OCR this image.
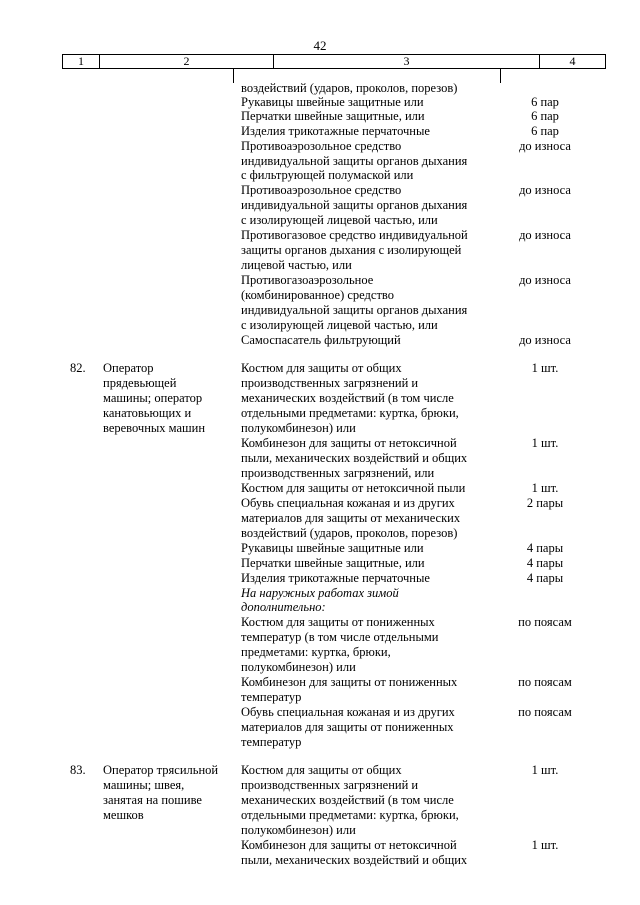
42
1	2	3	4
воздействий (ударов, проколов, порезов)
Рукавицы швейные защитные или	6 пар
Перчатки швейные защитные, или	6 пар
Изделия трикотажные перчаточные	6 пар
Противоаэрозольное средство	до износа
индивидуальной защиты органов дыхания
с фильтрующей полумаской или
Противоаэрозольное средство	до износа
индивидуальной защиты органов дыхания
с изолирующей лицевой частью, или
Противогазовое средство индивидуальной	до износа
защиты органов дыхания с изолирующей
лицевой частью, или
Противогазоаэрозольное	до износа
(комбинированное) средство
индивидуальной защиты органов дыхания
с изолирующей лицевой частью, или
Самоспасатель фильтрующий	до износа
82. Оператор
прядевьющей
машины; оператор
канатовьющих и
веревочных машин
Костюм для защиты от общих	1 шт.
производственных загрязнений и
механических воздействий (в том числе
отдельными предметами: куртка, брюки,
полукомбинезон) или
Комбинезон для защиты от нетоксичной	1 шт.
пыли, механических воздействий и общих
производственных загрязнений, или
Костюм для защиты от нетоксичной пыли	1 шт.
Обувь специальная кожаная и из других	2 пары
материалов для защиты от механических
воздействий (ударов, проколов, порезов)
Рукавицы швейные защитные или	4 пары
Перчатки швейные защитные, или	4 пары
Изделия трикотажные перчаточные	4 пары
На наружных работах зимой
дополнительно:
Костюм для защиты от пониженных	по поясам
температур (в том числе отдельными
предметами: куртка, брюки,
полукомбинезон) или
Комбинезон для защиты от пониженных	по поясам
температур
Обувь специальная кожаная и из других	по поясам
материалов для защиты от пониженных
температур
83. Оператор трясильной
машины; швея,
занятая на пошиве
мешков
Костюм для защиты от общих	1 шт.
производственных загрязнений и
механических воздействий (в том числе
отдельными предметами: куртка, брюки,
полукомбинезон) или
Комбинезон для защиты от нетоксичной	1 шт.
пыли, механических воздействий и общих
